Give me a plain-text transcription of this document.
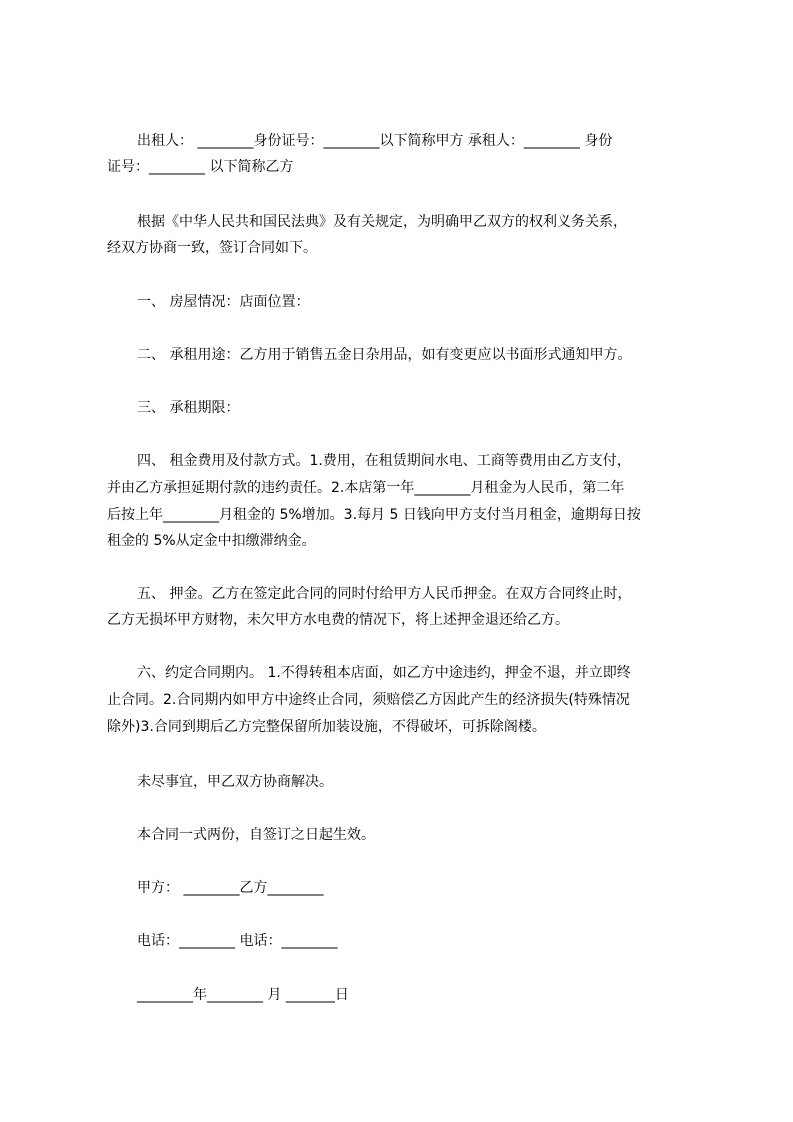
出租人： ________身份证号：________以下简称甲方 承租人：________ 身份

证号：________ 以下简称乙方

根据《中华人民共和国民法典》及有关规定，为明确甲乙双方的权利义务关系，

经双方协商一致，签订合同如下。

一、 房屋情况：店面位置：

二、 承租用途：乙方用于销售五金日杂用品，如有变更应以书面形式通知甲方。

三、 承租期限：

四、 租金费用及付款方式。1.费用，在租赁期间水电、工商等费用由乙方支付，

并由乙方承担延期付款的违约责任。2.本店第一年________月租金为人民币，第二年

后按上年________月租金的 5%增加。3.每月 5 日钱向甲方支付当月租金，逾期每日按

租金的 5%从定金中扣缴滞纳金。

五、 押金。乙方在签定此合同的同时付给甲方人民币押金。在双方合同终止时，

乙方无损坏甲方财物，未欠甲方水电费的情况下，将上述押金退还给乙方。

六、约定合同期内。 1.不得转租本店面，如乙方中途违约，押金不退，并立即终

止合同。2.合同期内如甲方中途终止合同，须赔偿乙方因此产生的经济损失(特殊情况

除外)3.合同到期后乙方完整保留所加装设施，不得破坏，可拆除阁楼。

未尽事宜，甲乙双方协商解决。

本合同一式两份，自签订之日起生效。

甲方： ________乙方________

电话：________ 电话：________

________年________ 月 _______日
